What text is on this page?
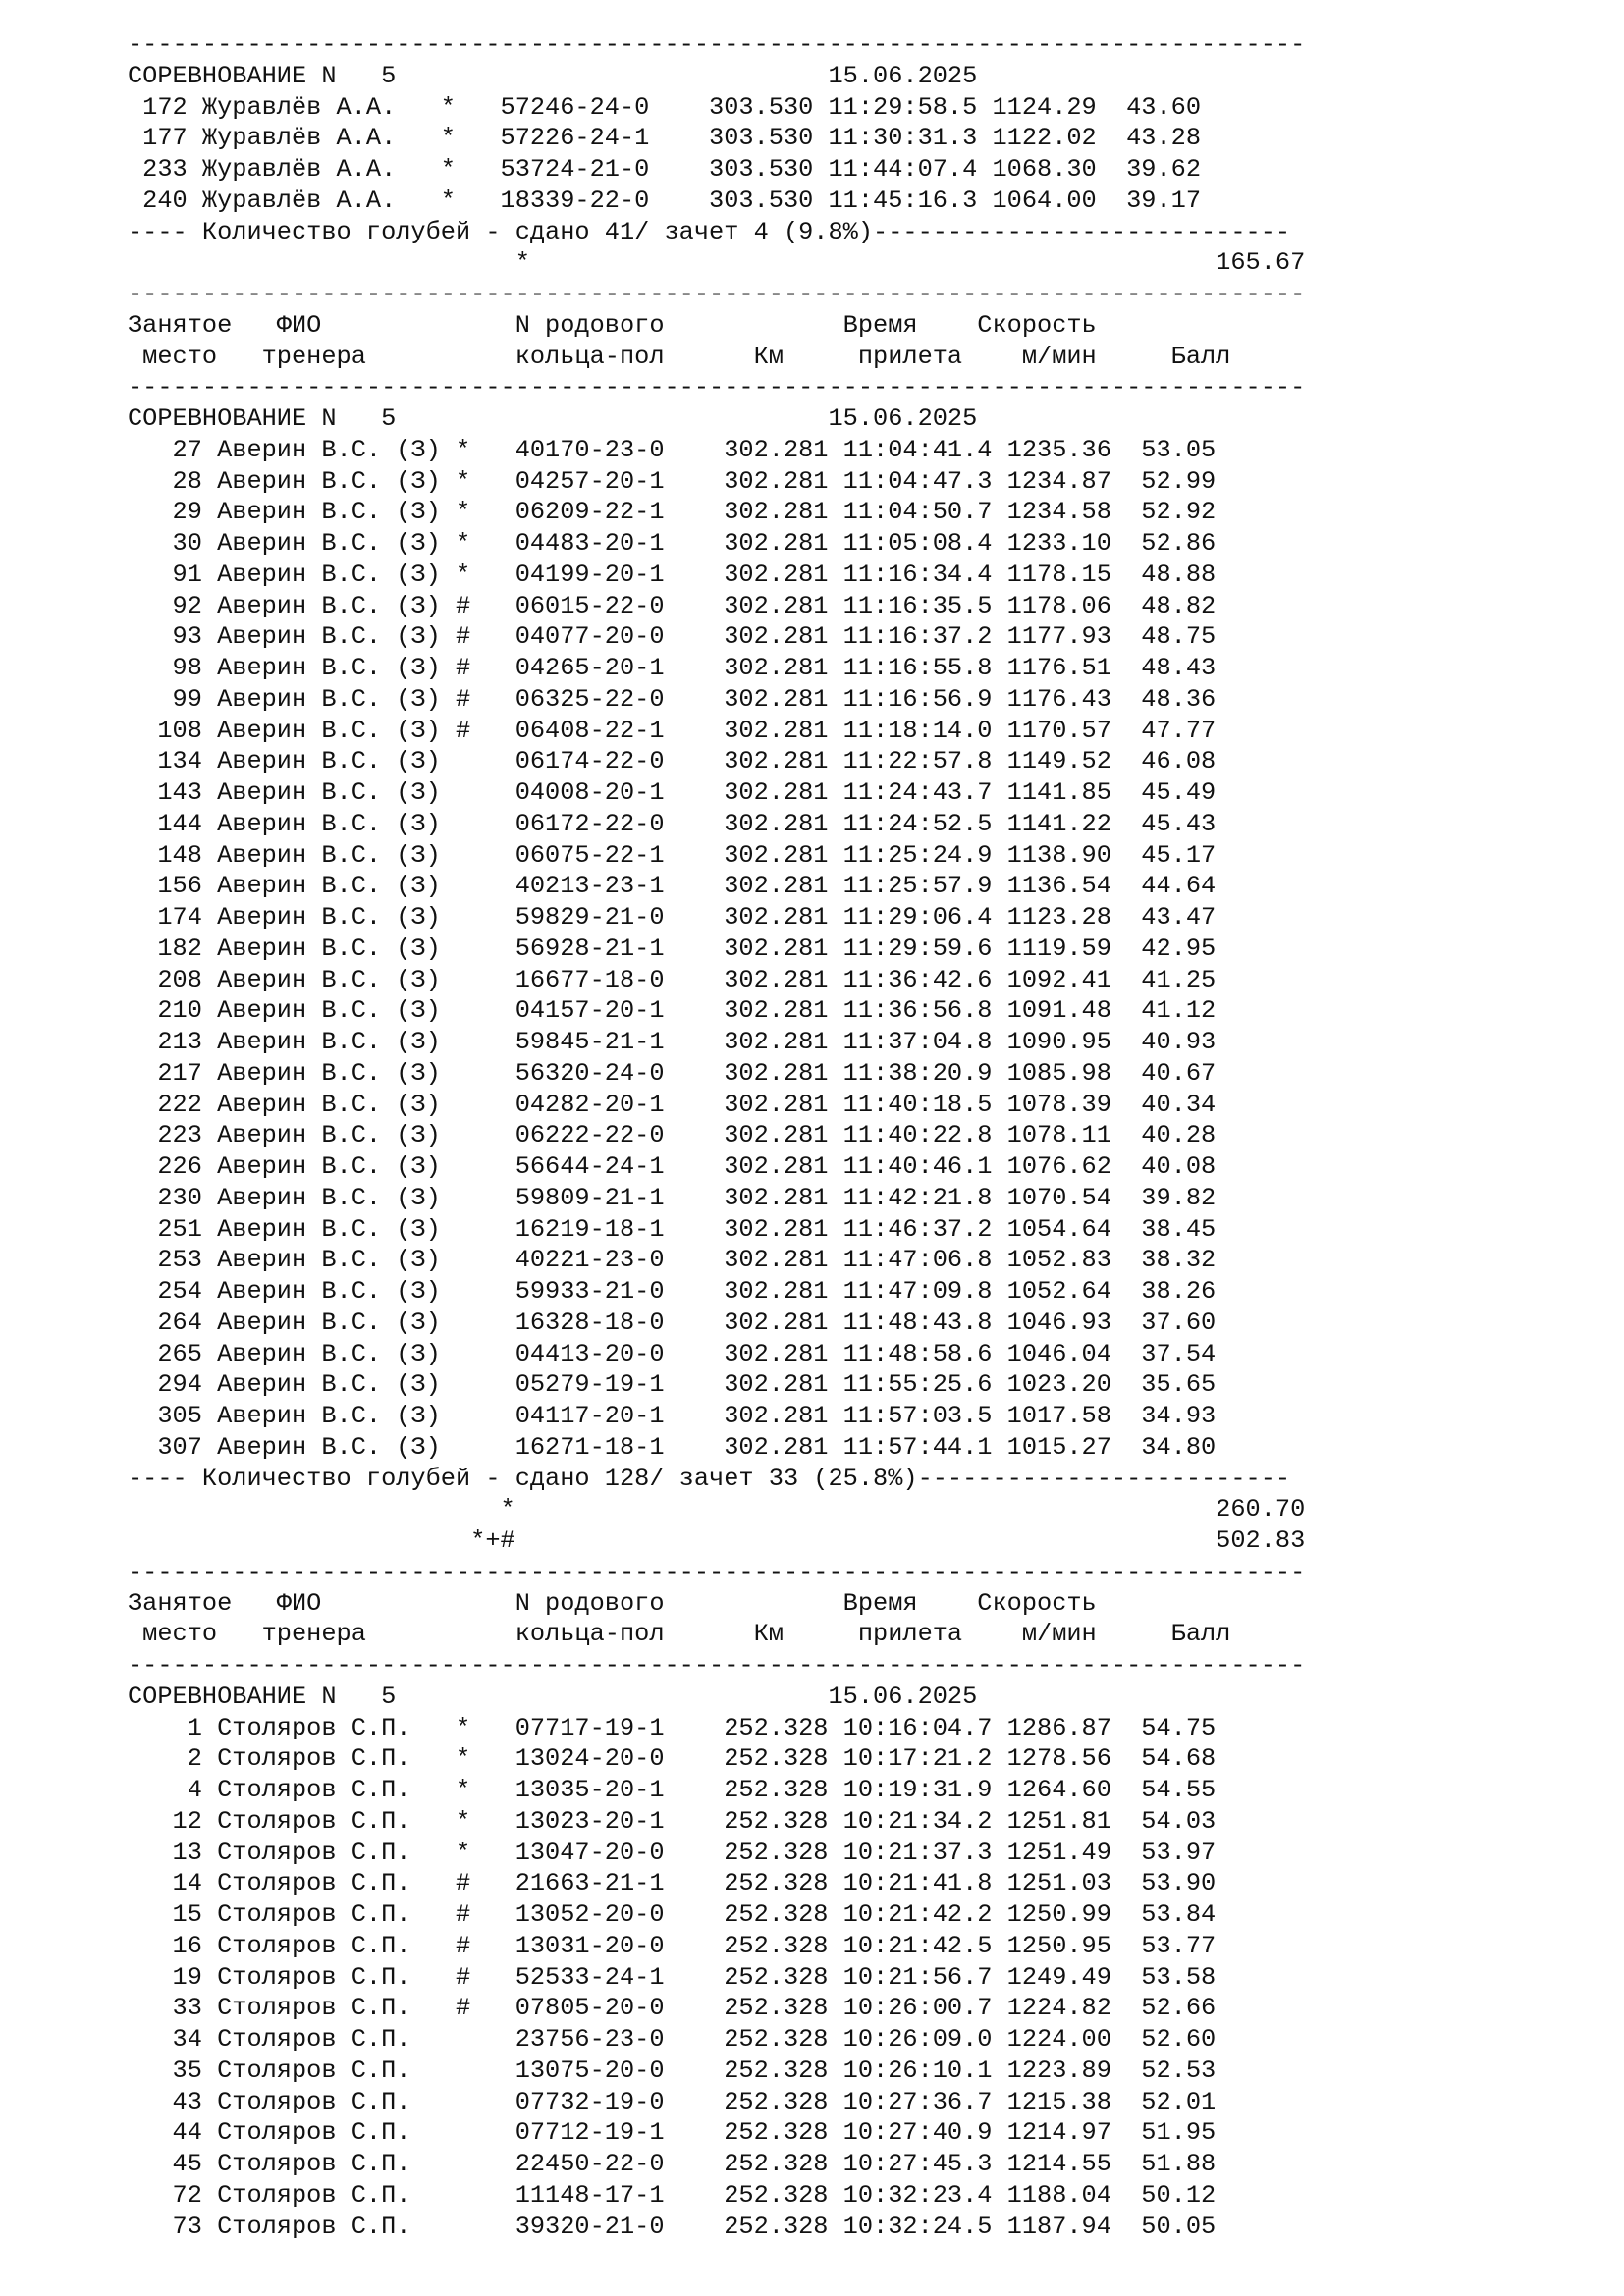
-------------------------------------------------------------------------------
СОРЕВНОВАНИЕ N   5                             15.06.2025
172 Журавлёв А.А.   *   57246-24-0    303.530 11:29:58.5 1124.29  43.60
177 Журавлёв А.А.   *   57226-24-1    303.530 11:30:31.3 1122.02  43.28
233 Журавлёв А.А.   *   53724-21-0    303.530 11:44:07.4 1068.30  39.62
240 Журавлёв А.А.   *   18339-22-0    303.530 11:45:16.3 1064.00  39.17
---- Количество голубей - сдано 41/ зачет 4 (9.8%)----------------------------
*                                              165.67
-------------------------------------------------------------------------------
Занятое   ФИО             N родового            Время    Скорость
место   тренера          кольца-пол      Км     прилета    м/мин     Балл
-------------------------------------------------------------------------------
СОРЕВНОВАНИЕ N   5                             15.06.2025
27 Аверин В.С. (З) *   40170-23-0    302.281 11:04:41.4 1235.36  53.05
28 Аверин В.С. (З) *   04257-20-1    302.281 11:04:47.3 1234.87  52.99
29 Аверин В.С. (З) *   06209-22-1    302.281 11:04:50.7 1234.58  52.92
30 Аверин В.С. (З) *   04483-20-1    302.281 11:05:08.4 1233.10  52.86
91 Аверин В.С. (З) *   04199-20-1    302.281 11:16:34.4 1178.15  48.88
92 Аверин В.С. (З) #   06015-22-0    302.281 11:16:35.5 1178.06  48.82
93 Аверин В.С. (З) #   04077-20-0    302.281 11:16:37.2 1177.93  48.75
98 Аверин В.С. (З) #   04265-20-1    302.281 11:16:55.8 1176.51  48.43
99 Аверин В.С. (З) #   06325-22-0    302.281 11:16:56.9 1176.43  48.36
108 Аверин В.С. (З) #   06408-22-1    302.281 11:18:14.0 1170.57  47.77
134 Аверин В.С. (З)     06174-22-0    302.281 11:22:57.8 1149.52  46.08
143 Аверин В.С. (З)     04008-20-1    302.281 11:24:43.7 1141.85  45.49
144 Аверин В.С. (З)     06172-22-0    302.281 11:24:52.5 1141.22  45.43
148 Аверин В.С. (З)     06075-22-1    302.281 11:25:24.9 1138.90  45.17
156 Аверин В.С. (З)     40213-23-1    302.281 11:25:57.9 1136.54  44.64
174 Аверин В.С. (З)     59829-21-0    302.281 11:29:06.4 1123.28  43.47
182 Аверин В.С. (З)     56928-21-1    302.281 11:29:59.6 1119.59  42.95
208 Аверин В.С. (З)     16677-18-0    302.281 11:36:42.6 1092.41  41.25
210 Аверин В.С. (З)     04157-20-1    302.281 11:36:56.8 1091.48  41.12
213 Аверин В.С. (З)     59845-21-1    302.281 11:37:04.8 1090.95  40.93
217 Аверин В.С. (З)     56320-24-0    302.281 11:38:20.9 1085.98  40.67
222 Аверин В.С. (З)     04282-20-1    302.281 11:40:18.5 1078.39  40.34
223 Аверин В.С. (З)     06222-22-0    302.281 11:40:22.8 1078.11  40.28
226 Аверин В.С. (З)     56644-24-1    302.281 11:40:46.1 1076.62  40.08
230 Аверин В.С. (З)     59809-21-1    302.281 11:42:21.8 1070.54  39.82
251 Аверин В.С. (З)     16219-18-1    302.281 11:46:37.2 1054.64  38.45
253 Аверин В.С. (З)     40221-23-0    302.281 11:47:06.8 1052.83  38.32
254 Аверин В.С. (З)     59933-21-0    302.281 11:47:09.8 1052.64  38.26
264 Аверин В.С. (З)     16328-18-0    302.281 11:48:43.8 1046.93  37.60
265 Аверин В.С. (З)     04413-20-0    302.281 11:48:58.6 1046.04  37.54
294 Аверин В.С. (З)     05279-19-1    302.281 11:55:25.6 1023.20  35.65
305 Аверин В.С. (З)     04117-20-1    302.281 11:57:03.5 1017.58  34.93
307 Аверин В.С. (З)     16271-18-1    302.281 11:57:44.1 1015.27  34.80
---- Количество голубей - сдано 128/ зачет 33 (25.8%)-------------------------
*                                               260.70
*+#                                               502.83
-------------------------------------------------------------------------------
Занятое   ФИО             N родового            Время    Скорость
место   тренера          кольца-пол      Км     прилета    м/мин     Балл
-------------------------------------------------------------------------------
СОРЕВНОВАНИЕ N   5                             15.06.2025
1 Столяров С.П.   *   07717-19-1    252.328 10:16:04.7 1286.87  54.75
2 Столяров С.П.   *   13024-20-0    252.328 10:17:21.2 1278.56  54.68
4 Столяров С.П.   *   13035-20-1    252.328 10:19:31.9 1264.60  54.55
12 Столяров С.П.   *   13023-20-1    252.328 10:21:34.2 1251.81  54.03
13 Столяров С.П.   *   13047-20-0    252.328 10:21:37.3 1251.49  53.97
14 Столяров С.П.   #   21663-21-1    252.328 10:21:41.8 1251.03  53.90
15 Столяров С.П.   #   13052-20-0    252.328 10:21:42.2 1250.99  53.84
16 Столяров С.П.   #   13031-20-0    252.328 10:21:42.5 1250.95  53.77
19 Столяров С.П.   #   52533-24-1    252.328 10:21:56.7 1249.49  53.58
33 Столяров С.П.   #   07805-20-0    252.328 10:26:00.7 1224.82  52.66
34 Столяров С.П.       23756-23-0    252.328 10:26:09.0 1224.00  52.60
35 Столяров С.П.       13075-20-0    252.328 10:26:10.1 1223.89  52.53
43 Столяров С.П.       07732-19-0    252.328 10:27:36.7 1215.38  52.01
44 Столяров С.П.       07712-19-1    252.328 10:27:40.9 1214.97  51.95
45 Столяров С.П.       22450-22-0    252.328 10:27:45.3 1214.55  51.88
72 Столяров С.П.       11148-17-1    252.328 10:32:23.4 1188.04  50.12
73 Столяров С.П.       39320-21-0    252.328 10:32:24.5 1187.94  50.05
